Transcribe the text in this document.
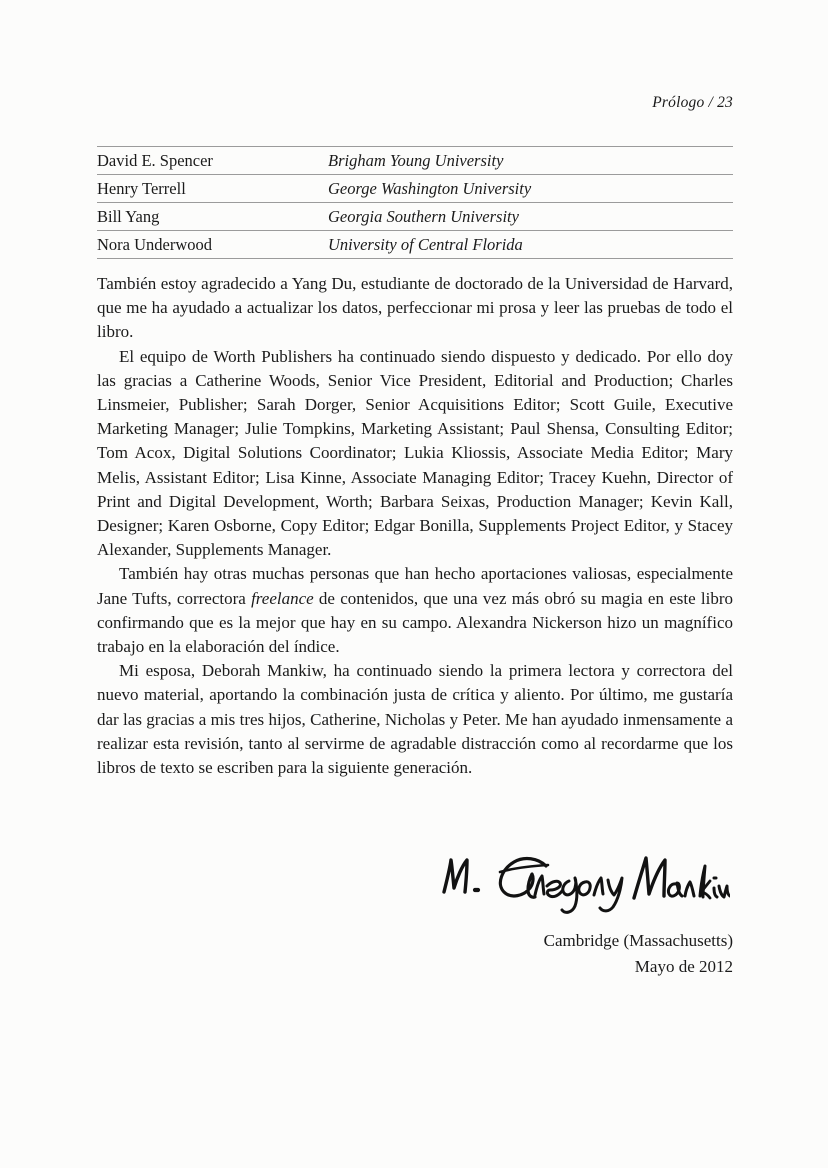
Prólogo / 23
David E. Spencer	Brigham Young University
Henry Terrell	George Washington University
Bill Yang	Georgia Southern University
Nora Underwood	University of Central Florida

También estoy agradecido a Yang Du, estudiante de doctorado de la Universidad de Harvard, que me ha ayudado a actualizar los datos, perfeccionar mi prosa y leer las pruebas de todo el libro.

El equipo de Worth Publishers ha continuado siendo dispuesto y dedicado. Por ello doy las gracias a Catherine Woods, Senior Vice President, Editorial and Production; Charles Linsmeier, Publisher; Sarah Dorger, Senior Acquisitions Editor; Scott Guile, Executive Marketing Manager; Julie Tompkins, Marketing Assistant; Paul Shensa, Consulting Editor; Tom Acox, Digital Solutions Coordinator; Lukia Kliossis, Associate Media Editor; Mary Melis, Assistant Editor; Lisa Kinne, Associate Managing Editor; Tracey Kuehn, Director of Print and Digital Development, Worth; Barbara Seixas, Production Manager; Kevin Kall, Designer; Karen Osborne, Copy Editor; Edgar Bonilla, Supplements Project Editor, y Stacey Alexander, Supplements Manager.

También hay otras muchas personas que han hecho aportaciones valiosas, especialmente Jane Tufts, correctora freelance de contenidos, que una vez más obró su magia en este libro confirmando que es la mejor que hay en su campo. Alexandra Nickerson hizo un magnífico trabajo en la elaboración del índice.

Mi esposa, Deborah Mankiw, ha continuado siendo la primera lectora y correctora del nuevo material, aportando la combinación justa de crítica y aliento. Por último, me gustaría dar las gracias a mis tres hijos, Catherine, Nicholas y Peter. Me han ayudado inmensamente a realizar esta revisión, tanto al servirme de agradable distracción como al recordarme que los libros de texto se escriben para la siguiente generación.

Cambridge (Massachusetts)
Mayo de 2012
